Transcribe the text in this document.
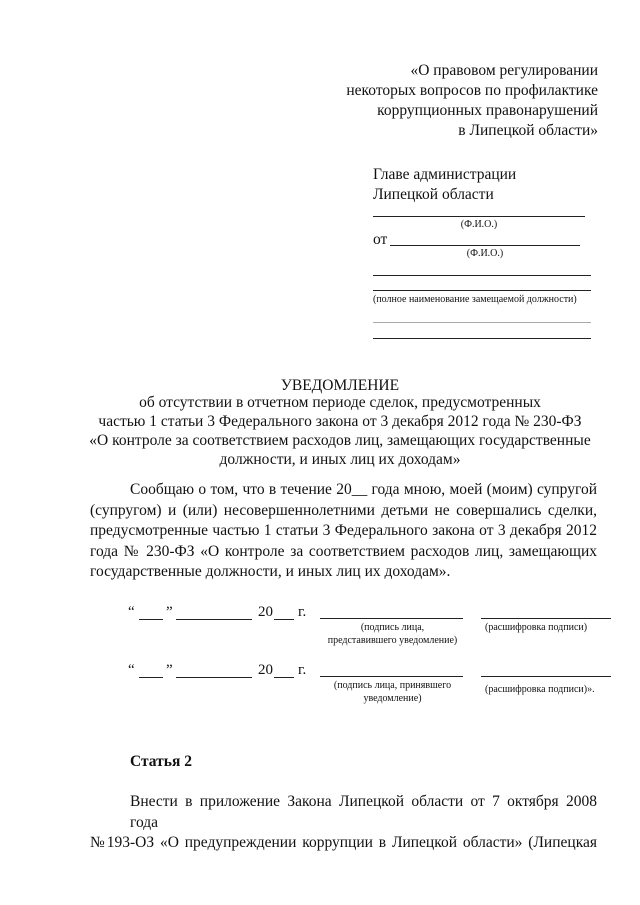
«О правовом регулировании
некоторых вопросов по профилактике
коррупционных правонарушений
в Липецкой области»
Главе администрации
Липецкой области
(Ф.И.О.)
от
(Ф.И.О.)
(полное наименование замещаемой должности)
УВЕДОМЛЕНИЕ
об отсутствии в отчетном периоде сделок, предусмотренных
частью 1 статьи 3 Федерального закона от 3 декабря 2012 года № 230-ФЗ
«О контроле за соответствием расходов лиц, замещающих государственные
должности, и иных лиц их доходам»
Сообщаю о том, что в течение 20__ года мною, моей (моим) супругой
(супругом) и (или) несовершеннолетними детьми не совершались сделки,
предусмотренные частью 1 статьи 3 Федерального закона от 3 декабря 2012
года № 230-ФЗ «О контроле за соответствием расходов лиц, замещающих
государственные должности, и иных лиц их доходам».
“ ”	20 г.
(подпись лица,
представившего уведомление)
(расшифровка подписи)
“ ”	20 г.
(подпись лица, принявшего
уведомление)
(расшифровка подписи)».
Статья 2
Внести в приложение Закона Липецкой области от 7 октября 2008 года
№193-ОЗ «О предупреждении коррупции в Липецкой области» (Липецкая
